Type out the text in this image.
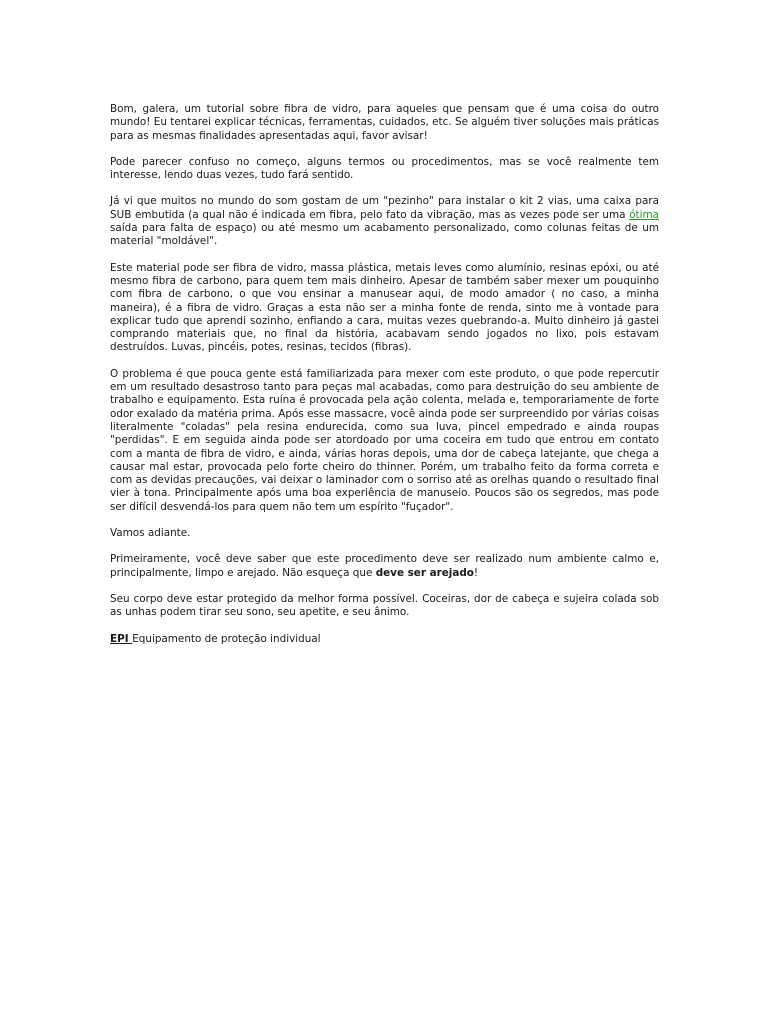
Bom, galera, um tutorial sobre fibra de vidro, para aqueles que pensam que é uma coisa do outro mundo! Eu tentarei explicar técnicas, ferramentas, cuidados, etc. Se alguém tiver soluções mais práticas para as mesmas finalidades apresentadas aqui, favor avisar!

Pode parecer confuso no começo, alguns termos ou procedimentos, mas se você realmente tem interesse, lendo duas vezes, tudo fará sentido.

Já vi que muitos no mundo do som gostam de um "pezinho" para instalar o kit 2 vias, uma caixa para SUB embutida (a qual não é indicada em fibra, pelo fato da vibração, mas as vezes pode ser uma ótima saída para falta de espaço) ou até mesmo um acabamento personalizado, como colunas feitas de um material "moldável".

Este material pode ser fibra de vidro, massa plástica, metais leves como alumínio, resinas epóxi, ou até mesmo fibra de carbono, para quem tem mais dinheiro. Apesar de também saber mexer um pouquinho com fibra de carbono, o que vou ensinar a manusear aqui, de modo amador ( no caso, a minha maneira), é a fibra de vidro. Graças a esta não ser a minha fonte de renda, sinto me à vontade para explicar tudo que aprendi sozinho, enfiando a cara, muitas vezes quebrando-a. Muito dinheiro já gastei comprando materiais que, no final da história, acabavam sendo jogados no lixo, pois estavam destruídos. Luvas, pincéis, potes, resinas, tecidos (fibras).

O problema é que pouca gente está familiarizada para mexer com este produto, o que pode repercutir em um resultado desastroso tanto para peças mal acabadas, como para destruição do seu ambiente de trabalho e equipamento. Esta ruína é provocada pela ação colenta, melada e, temporariamente de forte odor exalado da matéria prima. Após esse massacre, você ainda pode ser surpreendido por várias coisas literalmente "coladas" pela resina endurecida, como sua luva, pincel empedrado e ainda roupas "perdidas". E em seguida ainda pode ser atordoado por uma coceira em tudo que entrou em contato com a manta de fibra de vidro, e ainda, várias horas depois, uma dor de cabeça latejante, que chega a causar mal estar, provocada pelo forte cheiro do thinner. Porém, um trabalho feito da forma correta e com as devidas precauções, vai deixar o laminador com o sorriso até as orelhas quando o resultado final vier à tona. Principalmente após uma boa experiência de manuseio. Poucos são os segredos, mas pode ser difícil desvendá-los para quem não tem um espírito "fuçador".

Vamos adiante.

Primeiramente, você deve saber que este procedimento deve ser realizado num ambiente calmo e, principalmente, limpo e arejado. Não esqueça que deve ser arejado!

Seu corpo deve estar protegido da melhor forma possível. Coceiras, dor de cabeça e sujeira colada sob as unhas podem tirar seu sono, seu apetite, e seu ânimo.

EPI Equipamento de proteção individual
